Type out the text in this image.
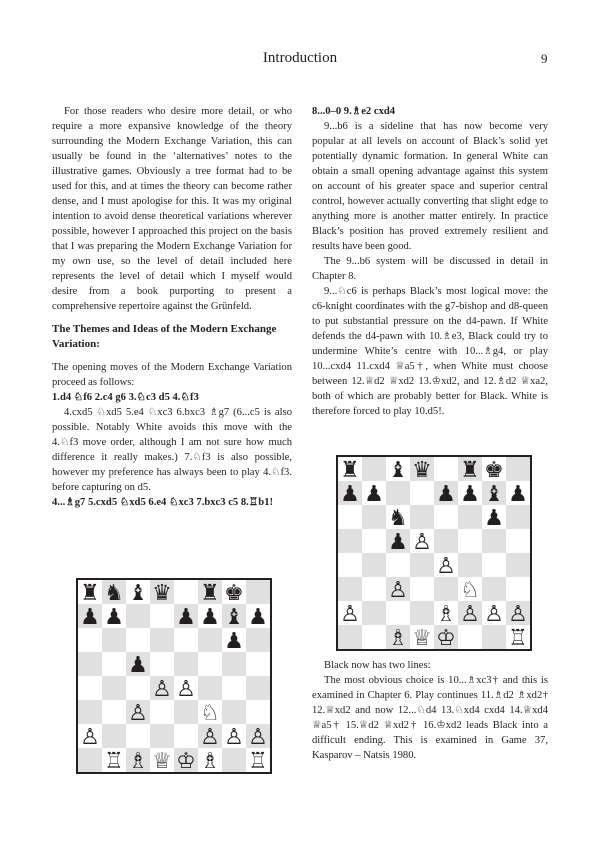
Introduction	9

For those readers who desire more detail, or who require a more expansive knowledge of the theory surrounding the Modern Exchange Variation, this can usually be found in the ‘alternatives’ notes to the illustrative games. Obviously a tree format had to be used for this, and at times the theory can become rather dense, and I must apologise for this. It was my original intention to avoid dense theoretical variations wherever possible, however I approached this project on the basis that I was preparing the Modern Exchange Variation for my own use, so the level of detail included here represents the level of detail which I myself would desire from a book purporting to present a comprehensive repertoire against the Grünfeld.

The Themes and Ideas of the Modern Exchange Variation:

The opening moves of the Modern Exchange Variation proceed as follows:

1.d4 ♘f6 2.c4 g6 3.♘c3 d5 4.♘f3

4.cxd5 ♘xd5 5.e4 ♘xc3 6.bxc3 ♗g7 (6...c5 is also possible. Notably White avoids this move with the 4.♘f3 move order, although I am not sure how much difference it really makes.) 7.♘f3 is also possible, however my preference has always been to play 4.♘f3. before capturing on d5.

4...♗g7 5.cxd5 ♘xd5 6.e4 ♘xc3 7.bxc3 c5 8.♖b1!

8...0–0 9.♗e2 cxd4

9...b6 is a sideline that has now become very popular at all levels on account of Black’s solid yet potentially dynamic formation. In general White can obtain a small opening advantage against this system on account of his greater space and superior central control, however actually converting that slight edge to anything more is another matter entirely. In practice Black’s position has proved extremely resilient and results have been good.

The 9...b6 system will be discussed in detail in Chapter 8.

9...♘c6 is perhaps Black’s most logical move: the c6-knight coordinates with the g7-bishop and d8-queen to put substantial pressure on the d4-pawn. If White defends the d4-pawn with 10.♗e3, Black could try to undermine White’s centre with 10...♗g4, or play 10...cxd4 11.cxd4 ♕a5†, when White must choose between 12.♕d2 ♕xd2 13.♔xd2, and 12.♗d2 ♕xa2, both of which are probably better for Black. White is therefore forced to play 10.d5!.

Black now has two lines:

The most obvious choice is 10...♗xc3† and this is examined in Chapter 6. Play continues 11.♗d2 ♗xd2† 12.♕xd2 and now 12...♘d4 13.♘xd4 cxd4 14.♕xd4 ♕a5† 15.♕d2 ♕xd2† 16.♔xd2 leads Black into a difficult ending. This is examined in Game 37, Kasparov – Natsis 1980.

♜ ♞ ♝ ♛ ♜ ♚
♟ ♟ ♟ ♟ ♝ ♟
♟
♟
♙ ♙
♙ ♘
♙	♙ ♙ ♙
♖ ♗ ♕ ♔ ♗ ♖
♜ ♝ ♛ ♜ ♚
♟ ♟ ♟ ♟ ♝ ♟
♞	♟
♟ ♙
♙
♙ ♘
♙	♗ ♙ ♙ ♙
♗ ♕ ♔ ♖
